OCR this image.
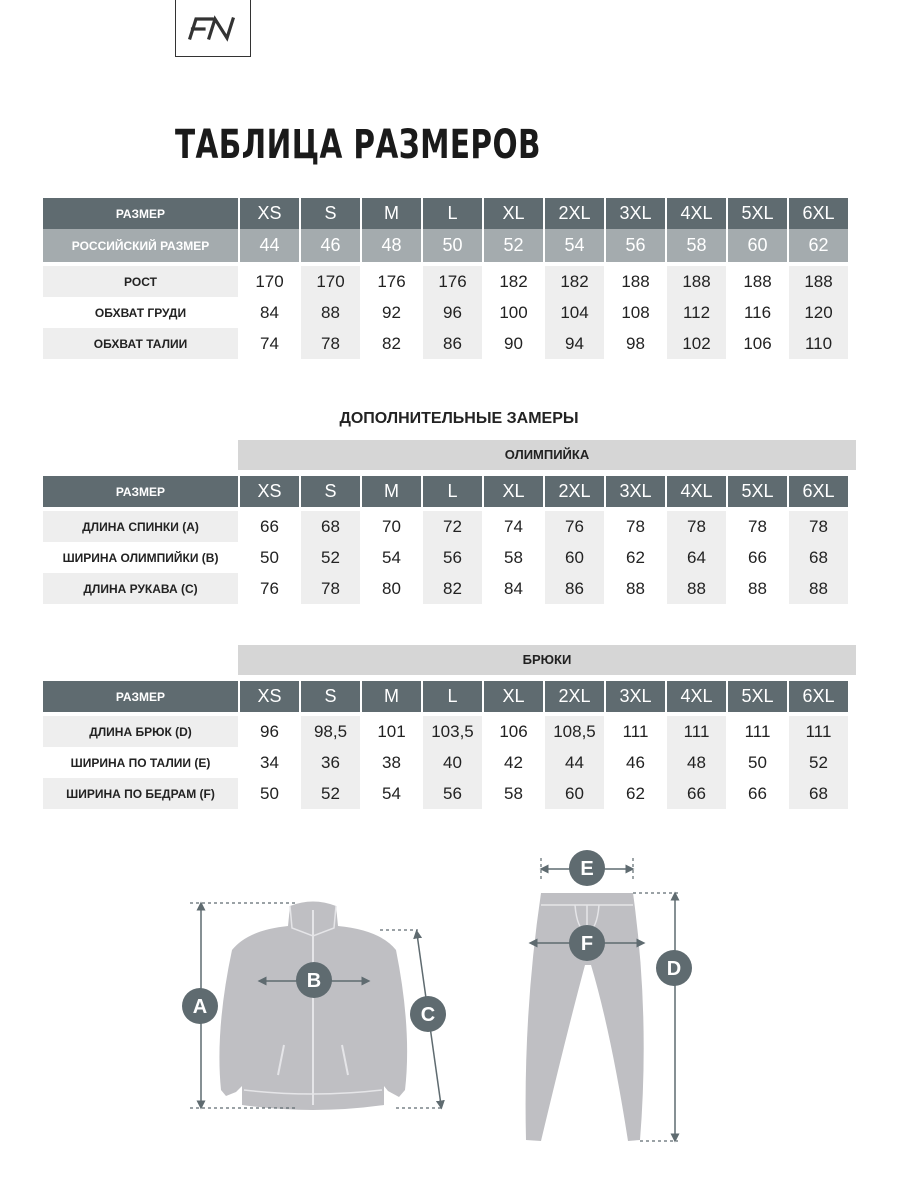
ТАБЛИЦА РАЗМЕРОВ
РАЗМЕР	XS	S	M	L	XL	2XL	3XL	4XL	5XL	6XL
РОССИЙСКИЙ РАЗМЕР	44	46	48	50	52	54	56	58	60	62

РОСТ	170	170	176	176	182	182	188	188	188	188
ОБХВАТ ГРУДИ	84	88	92	96	100	104	108	112	116	120
ОБХВАТ ТАЛИИ	74	78	82	86	90	94	98	102	106	110
ДОПОЛНИТЕЛЬНЫЕ ЗАМЕРЫ
ОЛИМПИЙКА
РАЗМЕР	XS	S	M	L	XL	2XL	3XL	4XL	5XL	6XL

ДЛИНА СПИНКИ (A)	66	68	70	72	74	76	78	78	78	78
ШИРИНА ОЛИМПИЙКИ (B)	50	52	54	56	58	60	62	64	66	68
ДЛИНА РУКАВА (C)	76	78	80	82	84	86	88	88	88	88
БРЮКИ
РАЗМЕР	XS	S	M	L	XL	2XL	3XL	4XL	5XL	6XL

ДЛИНА БРЮК (D)	96	98,5	101	103,5	106	108,5	111	111	111	111
ШИРИНА ПО ТАЛИИ (E)	34	36	38	40	42	44	46	48	50	52
ШИРИНА ПО БЕДРАМ (F)	50	52	54	56	58	60	62	66	66	68
A
B
C
E
F
D
